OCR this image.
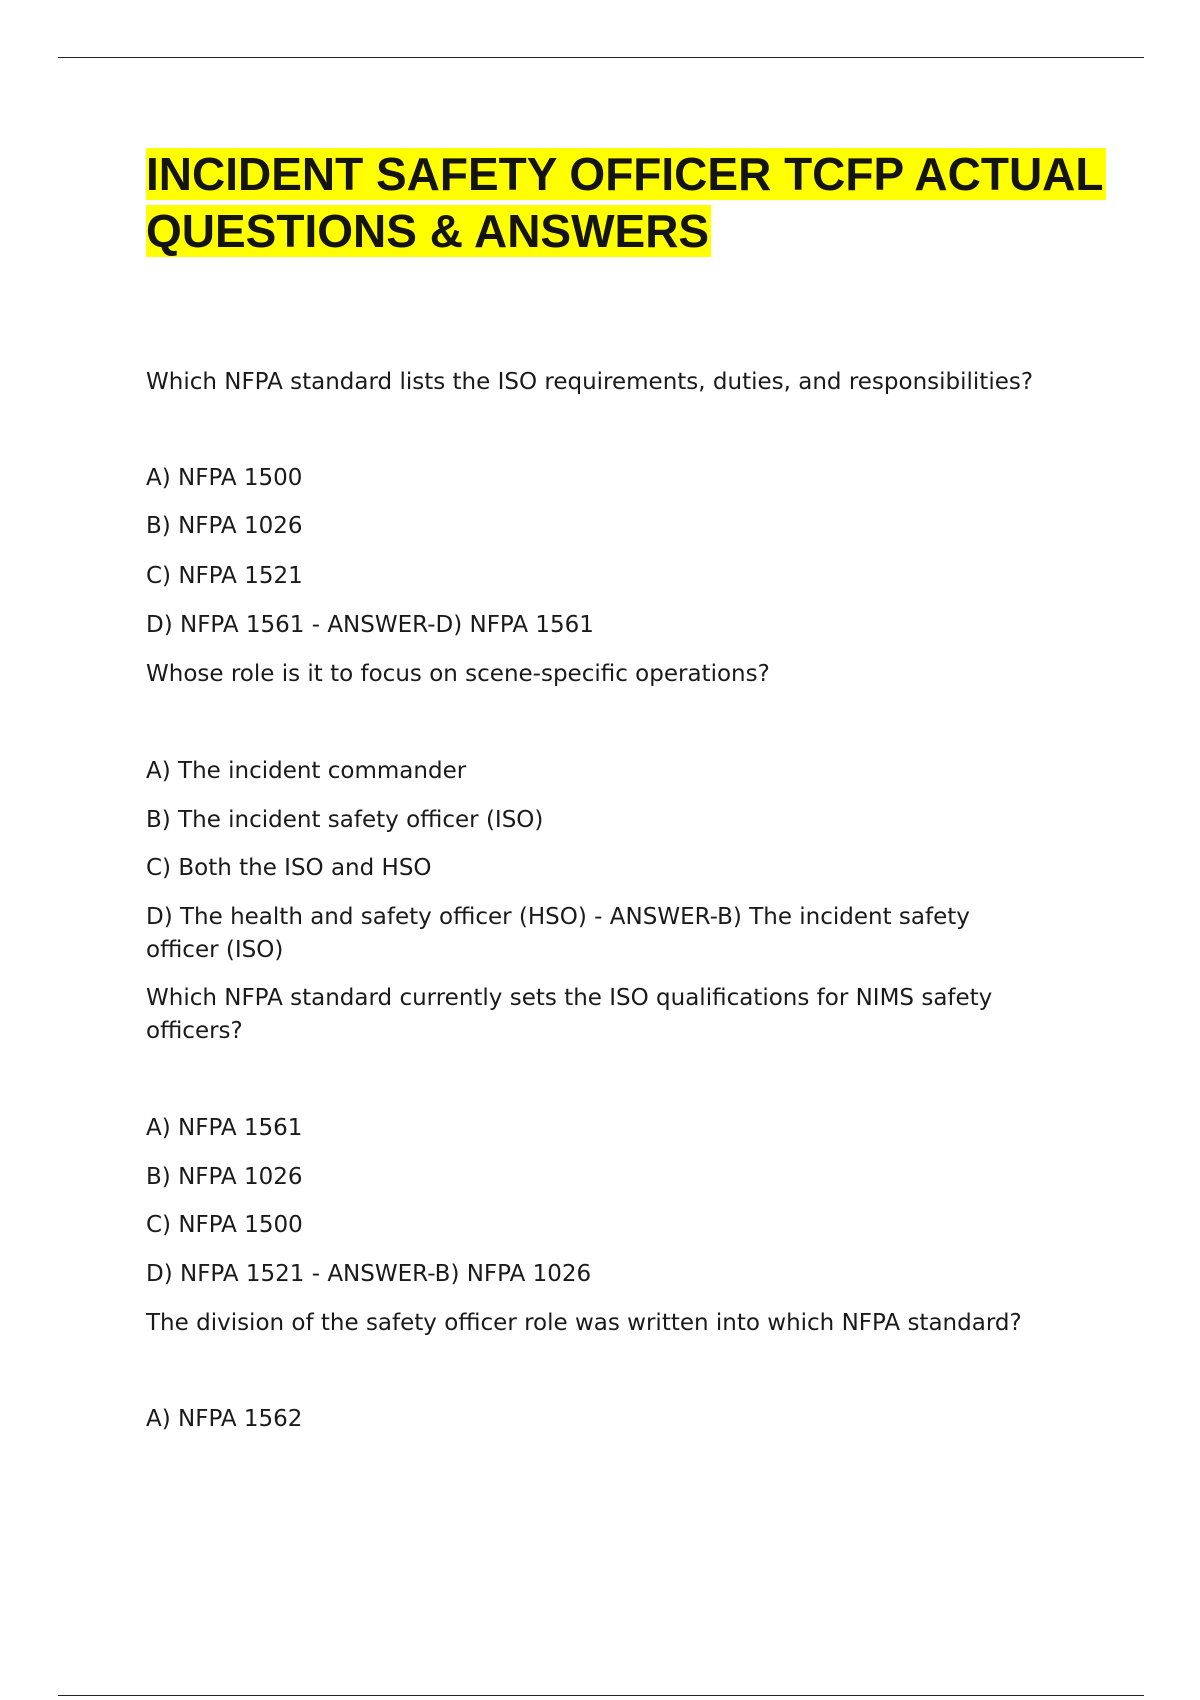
INCIDENT SAFETY OFFICER TCFP ACTUAL QUESTIONS & ANSWERS
Which NFPA standard lists the ISO requirements, duties, and responsibilities?
A) NFPA 1500
B) NFPA 1026
C) NFPA 1521
D) NFPA 1561 - ANSWER-D) NFPA 1561
Whose role is it to focus on scene-specific operations?
A) The incident commander
B) The incident safety officer (ISO)
C) Both the ISO and HSO
D) The health and safety officer (HSO) - ANSWER-B) The incident safety officer (ISO)
Which NFPA standard currently sets the ISO qualifications for NIMS safety officers?
A) NFPA 1561
B) NFPA 1026
C) NFPA 1500
D) NFPA 1521 - ANSWER-B) NFPA 1026
The division of the safety officer role was written into which NFPA standard?
A) NFPA 1562
